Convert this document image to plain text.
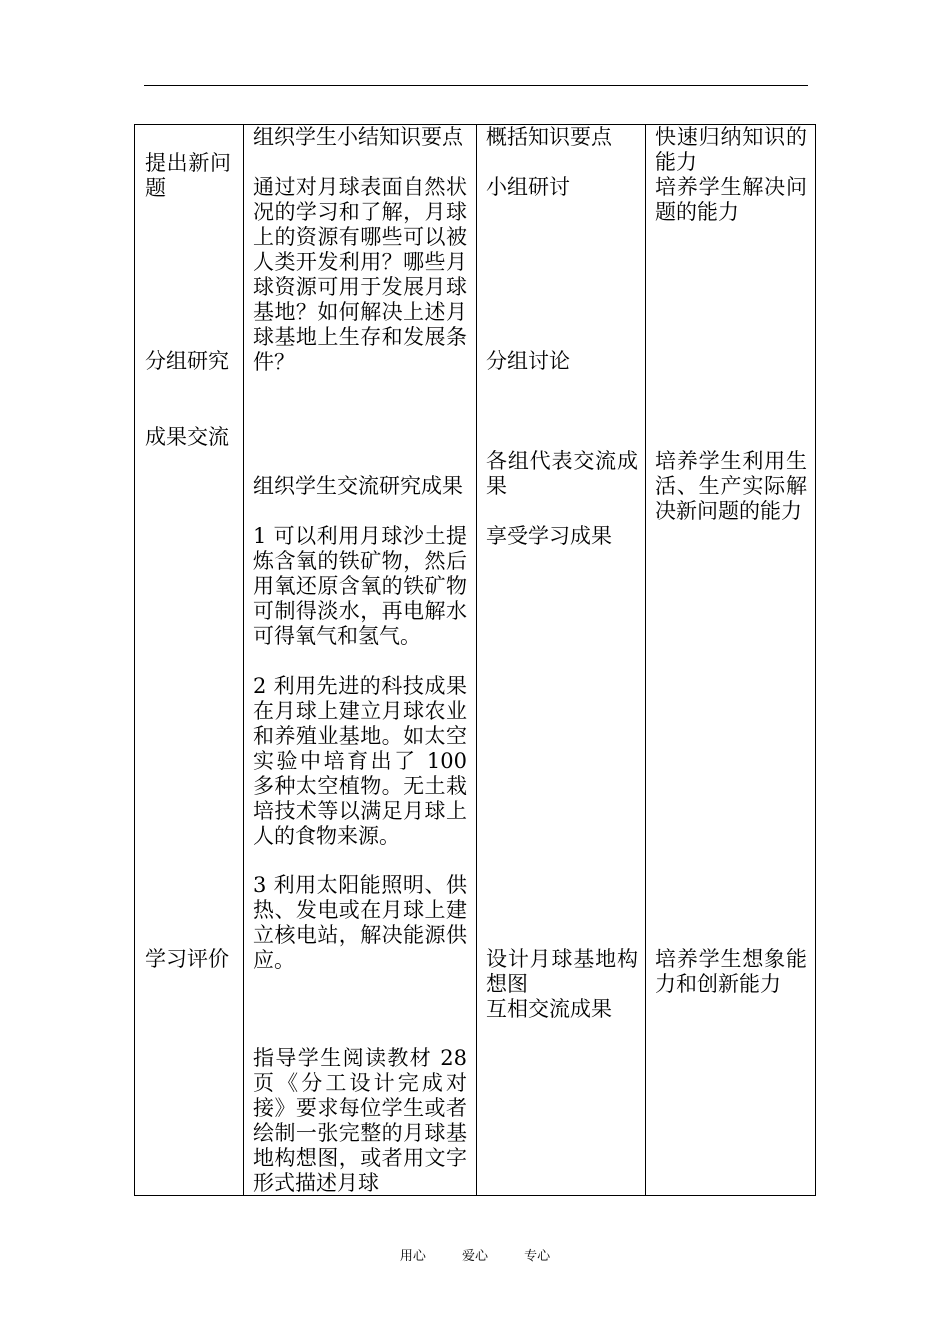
提出新问题
分组研究
成果交流
学习评价
组织学生小结知识要点
通过对月球表面自然状况的学习和了解，月球上的资源有哪些可以被人类开发利用？哪些月球资源可用于发展月球基地？如何解决上述月球基地上生存和发展条件？
组织学生交流研究成果
1 可以利用月球沙土提炼含氧的铁矿物，然后用氧还原含氧的铁矿物可制得淡水，再电解水可得氧气和氢气。
2 利用先进的科技成果在月球上建立月球农业和养殖业基地。如太空实验中培育出了 100 多种太空植物。无土栽培技术等以满足月球上人的食物来源。
3 利用太阳能照明、供热、发电或在月球上建立核电站，解决能源供应。
指导学生阅读教材 28 页《分工设计完成对接》要求每位学生或者绘制一张完整的月球基地构想图，或者用文字形式描述月球
概括知识要点
小组研讨
分组讨论
各组代表交流成果
享受学习成果
设计月球基地构想图
互相交流成果
快速归纳知识的能力
培养学生解决问题的能力
培养学生利用生活、生产实际解决新问题的能力
培养学生想象能力和创新能力
用心	爱心	专心
